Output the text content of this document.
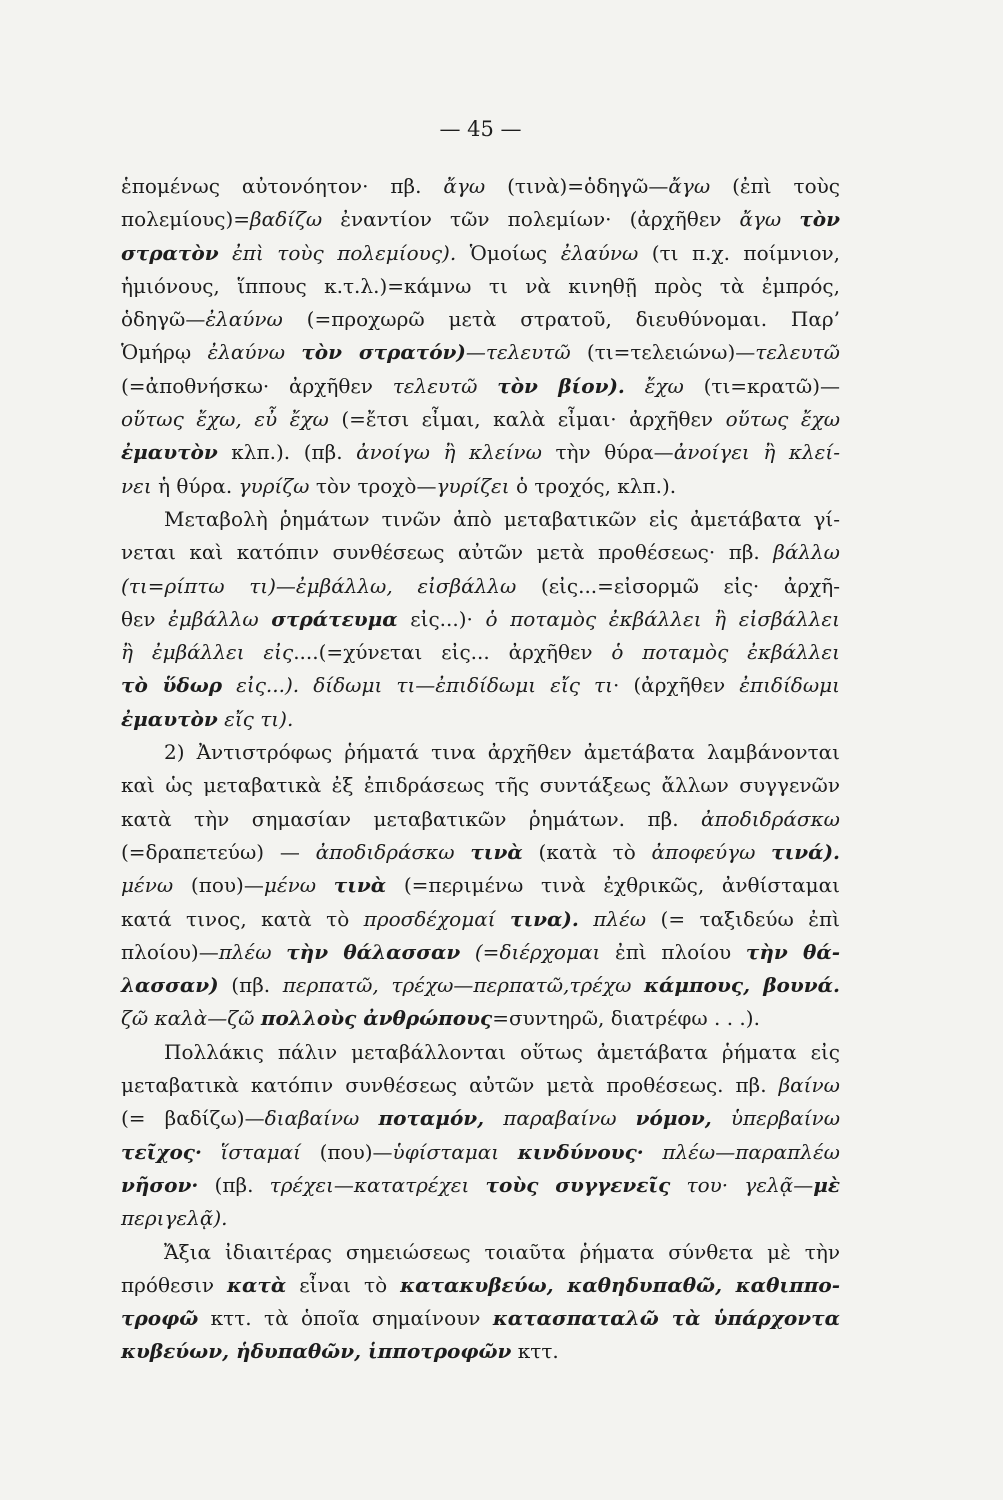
— 45 —
ἑπομένως αὐτονόητον· πβ. ἄγω (τινὰ)=ὁδηγῶ—ἄγω (ἐπὶ τοὺς
πολεμίους)=βαδίζω ἐναντίον τῶν πολεμίων· (ἀρχῆθεν ἄγω τὸν
στρατὸν ἐπὶ τοὺς πολεμίους). Ὁμοίως ἐλαύνω (τι π.χ. ποίμνιον,
ἡμιόνους, ἵππους κ.τ.λ.)=κάμνω τι νὰ κινηθῇ πρὸς τὰ ἐμπρός,
ὁδηγῶ—ἐλαύνω (=προχωρῶ μετὰ στρατοῦ, διευθύνομαι. Παρ’
Ὁμήρῳ ἐλαύνω τὸν στρατόν)—τελευτῶ (τι=τελειώνω)—τελευτῶ
(=ἀποθνήσκω· ἀρχῆθεν τελευτῶ τὸν βίον). ἔχω (τι=κρατῶ)—
οὕτως ἔχω, εὖ ἔχω (=ἔτσι εἶμαι, καλὰ εἶμαι· ἀρχῆθεν οὕτως ἔχω
ἐμαυτὸν κλπ.). (πβ. ἀνοίγω ἢ κλείνω τὴν θύρα—ἀνοίγει ἢ κλεί-
νει ἡ θύρα. γυρίζω τὸν τροχὸ—γυρίζει ὁ τροχός, κλπ.).
Μεταβολὴ ῥημάτων τινῶν ἀπὸ μεταβατικῶν εἰς ἀμετάβατα γί-
νεται καὶ κατόπιν συνθέσεως αὐτῶν μετὰ προθέσεως· πβ. βάλλω
(τι=ρίπτω τι)—ἐμβάλλω, εἰσβάλλω (εἰς...=εἰσορμῶ εἰς· ἀρχῆ-
θεν ἐμβάλλω στράτευμα εἰς...)· ὁ ποταμὸς ἐκβάλλει ἢ εἰσβάλλει
ἢ ἐμβάλλει εἰς....(=χύνεται εἰς... ἀρχῆθεν ὁ ποταμὸς ἐκβάλλει
τὸ ὕδωρ εἰς...). δίδωμι τι—ἐπιδίδωμι εἴς τι· (ἀρχῆθεν ἐπιδίδωμι
ἐμαυτὸν εἴς τι).
2) Ἀντιστρόφως ῥήματά τινα ἀρχῆθεν ἀμετάβατα λαμβάνονται
καὶ ὡς μεταβατικὰ ἐξ ἐπιδράσεως τῆς συντάξεως ἄλλων συγγενῶν
κατὰ τὴν σημασίαν μεταβατικῶν ῥημάτων. πβ. ἀποδιδράσκω
(=δραπετεύω) — ἀποδιδράσκω τινὰ (κατὰ τὸ ἀποφεύγω τινά).
μένω (που)—μένω τινὰ (=περιμένω τινὰ ἐχθρικῶς, ἀνθίσταμαι
κατά τινος, κατὰ τὸ προσδέχομαί τινα). πλέω (= ταξιδεύω ἐπὶ
πλοίου)—πλέω τὴν θάλασσαν (=διέρχομαι ἐπὶ πλοίου τὴν θά-
λασσαν) (πβ. περπατῶ, τρέχω—περπατῶ,τρέχω κάμπους, βουνά.
ζῶ καλὰ—ζῶ πολλοὺς ἀνθρώπους=συντηρῶ, διατρέφω . . .).
Πολλάκις πάλιν μεταβάλλονται οὕτως ἀμετάβατα ῥήματα εἰς
μεταβατικὰ κατόπιν συνθέσεως αὐτῶν μετὰ προθέσεως. πβ. βαίνω
(= βαδίζω)—διαβαίνω ποταμόν, παραβαίνω νόμον, ὑπερβαίνω
τεῖχος· ἵσταμαί (που)—ὑφίσταμαι κινδύνους· πλέω—παραπλέω
νῆσον· (πβ. τρέχει—κατατρέχει τοὺς συγγενεῖς του· γελᾷ—μὲ
περιγελᾷ).
Ἄξια ἰδιαιτέρας σημειώσεως τοιαῦτα ῥήματα σύνθετα μὲ τὴν
πρόθεσιν κατὰ εἶναι τὸ κατακυβεύω, καθηδυπαθῶ, καθιππο-
τροφῶ κττ. τὰ ὁποῖα σημαίνουν κατασπαταλῶ τὰ ὑπάρχοντα
κυβεύων, ἡδυπαθῶν, ἱπποτροφῶν κττ.
